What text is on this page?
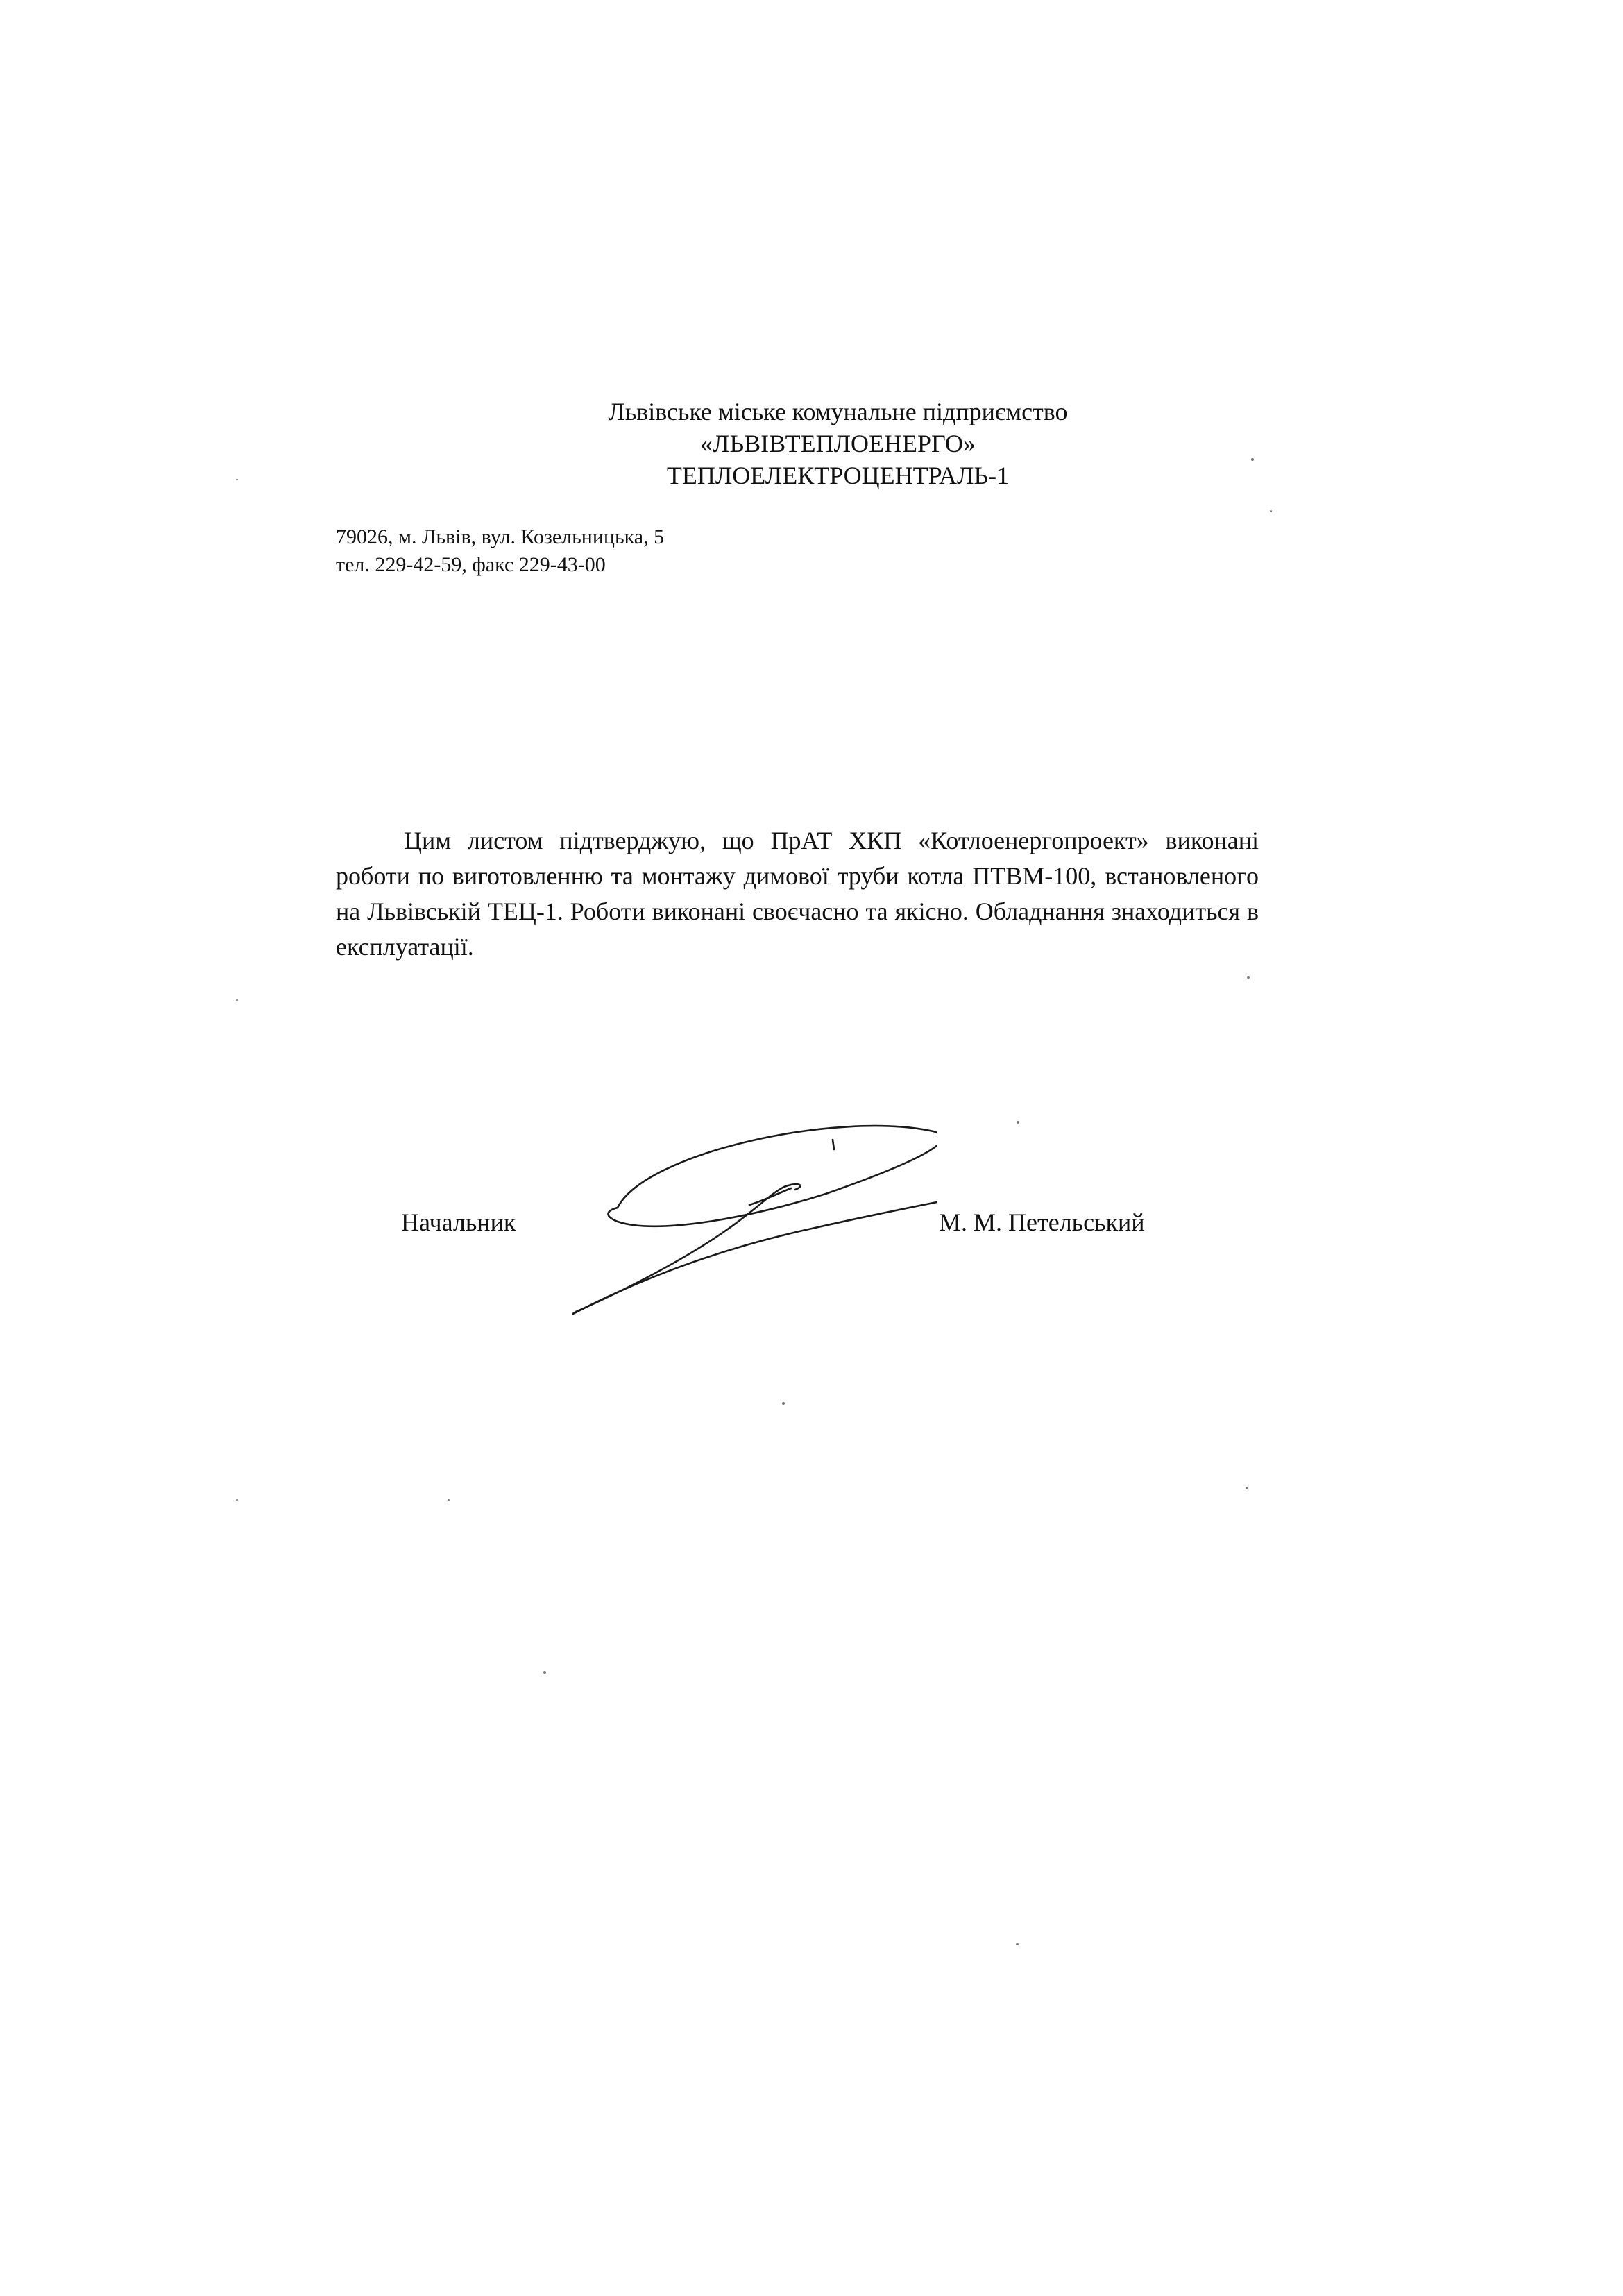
Львівське міське комунальне підприємство
«ЛЬВІВТЕПЛОЕНЕРГО»
ТЕПЛОЕЛЕКТРОЦЕНТРАЛЬ-1
79026, м. Львів, вул. Козельницька, 5
тел. 229-42-59, факс 229-43-00
Цим листом підтверджую, що ПрАТ ХКП «Котлоенергопроект» виконані роботи по виготовленню та монтажу димової труби котла ПТВМ-100, встановленого на Львівській ТЕЦ-1. Роботи виконані своєчасно та якісно. Обладнання знаходиться в експлуатації.
Начальник	М. М. Петельський
